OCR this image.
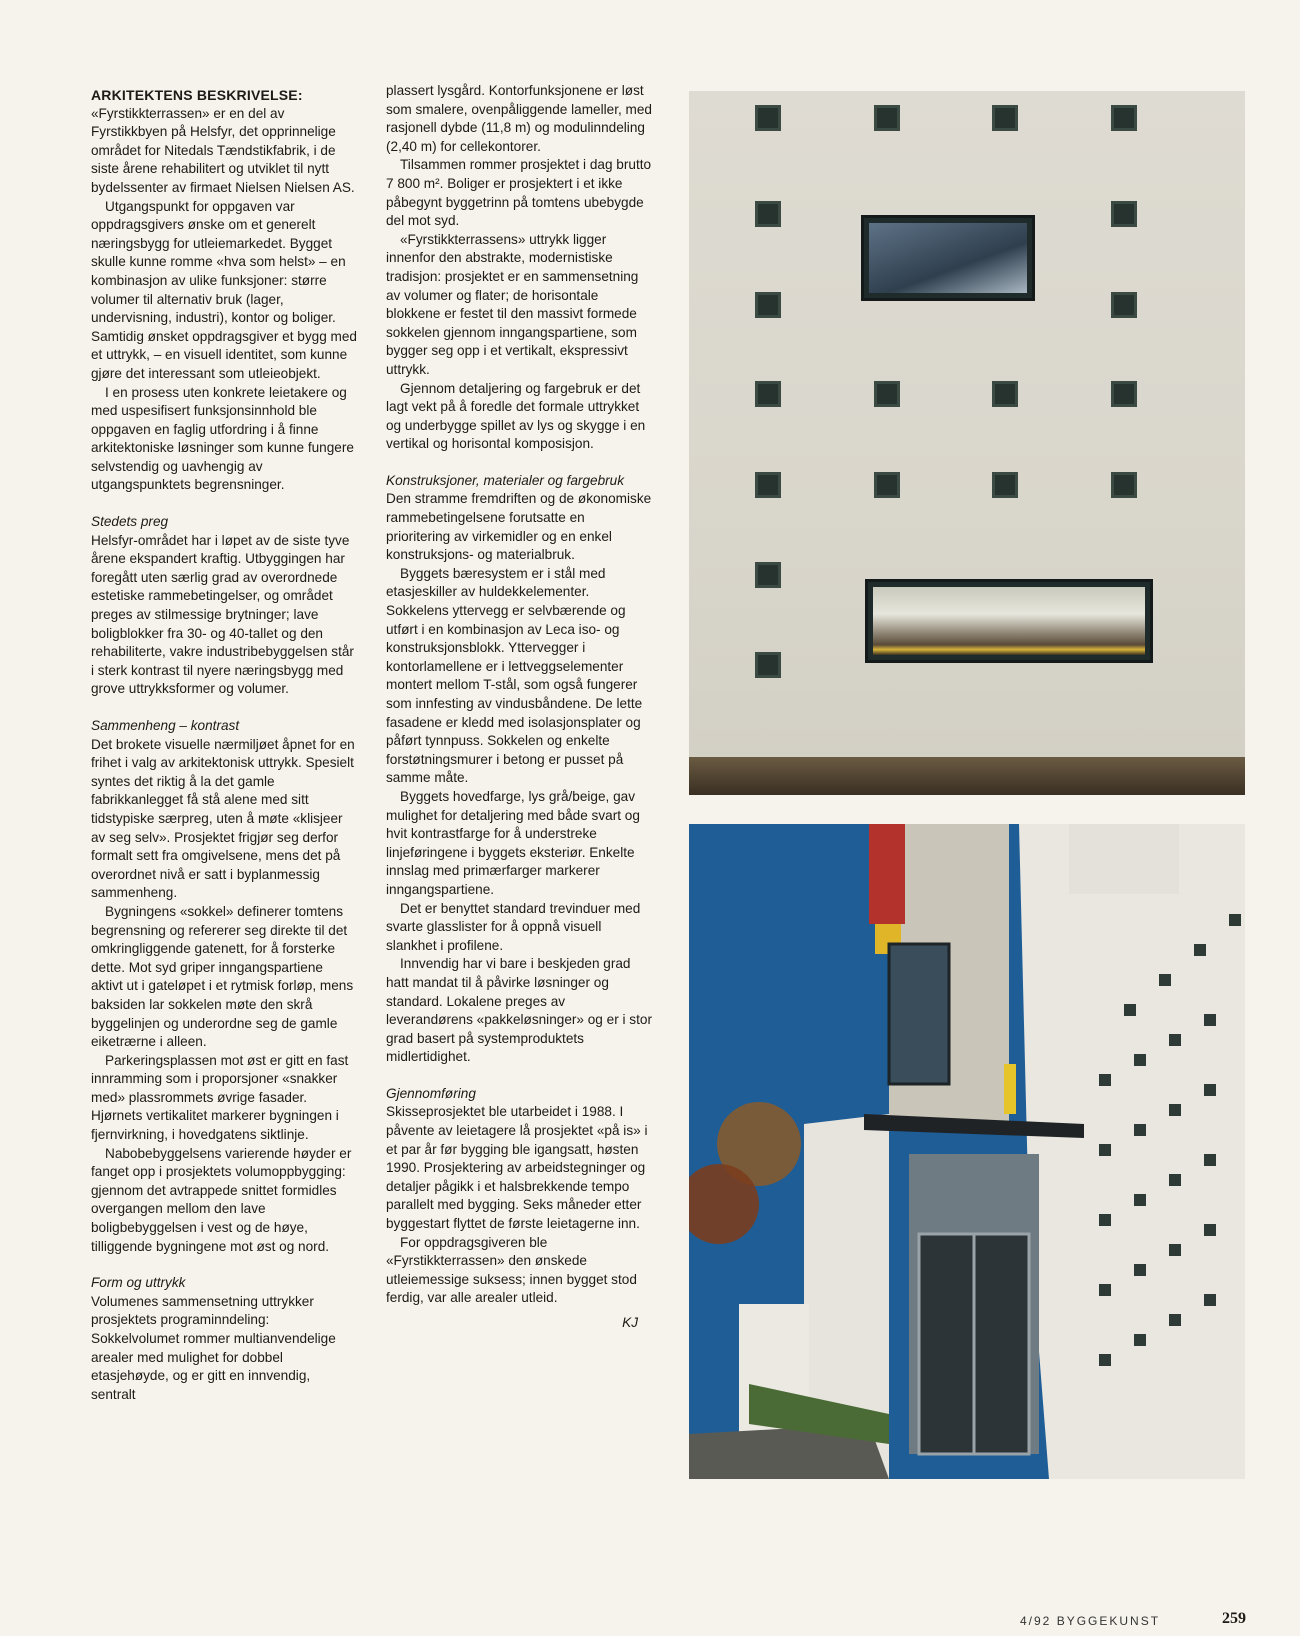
ARKITEKTENS BESKRIVELSE:

«Fyrstikkterrassen» er en del av Fyrstikkbyen på Helsfyr, det opprinnelige området for Nitedals Tændstikfabrik, i de siste årene rehabilitert og utviklet til nytt bydelssenter av firmaet Nielsen Nielsen AS.

Utgangspunkt for oppgaven var oppdragsgivers ønske om et generelt næringsbygg for utleiemarkedet. Bygget skulle kunne romme «hva som helst» – en kombinasjon av ulike funksjoner: større volumer til alternativ bruk (lager, undervisning, industri), kontor og boliger. Samtidig ønsket oppdragsgiver et bygg med et uttrykk, – en visuell identitet, som kunne gjøre det interessant som utleieobjekt.

I en prosess uten konkrete leietakere og med uspesifisert funksjonsinnhold ble oppgaven en faglig utfordring i å finne arkitektoniske løsninger som kunne fungere selvstendig og uavhengig av utgangspunktets begrensninger.

Stedets preg

Helsfyr-området har i løpet av de siste tyve årene ekspandert kraftig. Utbyggingen har foregått uten særlig grad av overordnede estetiske rammebetingelser, og området preges av stilmessige brytninger; lave boligblokker fra 30- og 40-tallet og den rehabiliterte, vakre industribebyggelsen står i sterk kontrast til nyere næringsbygg med grove uttrykksformer og volumer.

Sammenheng – kontrast

Det brokete visuelle nærmiljøet åpnet for en frihet i valg av arkitektonisk uttrykk. Spesielt syntes det riktig å la det gamle fabrikkanlegget få stå alene med sitt tidstypiske særpreg, uten å møte «klisjeer av seg selv». Prosjektet frigjør seg derfor formalt sett fra omgivelsene, mens det på overordnet nivå er satt i byplanmessig sammenheng.

Bygningens «sokkel» definerer tomtens begrensning og refererer seg direkte til det omkringliggende gatenett, for å forsterke dette. Mot syd griper inngangspartiene aktivt ut i gateløpet i et rytmisk forløp, mens baksiden lar sokkelen møte den skrå byggelinjen og underordne seg de gamle eiketrærne i alleen.

Parkeringsplassen mot øst er gitt en fast innramming som i proporsjoner «snakker med» plassrommets øvrige fasader. Hjørnets vertikalitet markerer bygningen i fjernvirkning, i hovedgatens siktlinje.

Nabobebyggelsens varierende høyder er fanget opp i prosjektets volumoppbygging: gjennom det avtrappede snittet formidles overgangen mellom den lave boligbebyggelsen i vest og de høye, tilliggende bygningene mot øst og nord.

Form og uttrykk

Volumenes sammensetning uttrykker prosjektets programinndeling: Sokkelvolumet rommer multianvendelige arealer med mulighet for dobbel etasjehøyde, og er gitt en innvendig, sentralt

plassert lysgård. Kontorfunksjonene er løst som smalere, ovenpåliggende lameller, med rasjonell dybde (11,8 m) og modulinndeling (2,40 m) for cellekontorer.

Tilsammen rommer prosjektet i dag brutto 7 800 m². Boliger er prosjektert i et ikke påbegynt byggetrinn på tomtens ubebygde del mot syd.

«Fyrstikkterrassens» uttrykk ligger innenfor den abstrakte, modernistiske tradisjon: prosjektet er en sammensetning av volumer og flater; de horisontale blokkene er festet til den massivt formede sokkelen gjennom inngangspartiene, som bygger seg opp i et vertikalt, ekspressivt uttrykk.

Gjennom detaljering og fargebruk er det lagt vekt på å foredle det formale uttrykket og underbygge spillet av lys og skygge i en vertikal og horisontal komposisjon.

Konstruksjoner, materialer og fargebruk

Den stramme fremdriften og de økonomiske rammebetingelsene forutsatte en prioritering av virkemidler og en enkel konstruksjons- og materialbruk.

Byggets bæresystem er i stål med etasjeskiller av huldekkelementer. Sokkelens yttervegg er selvbærende og utført i en kombinasjon av Leca iso- og konstruksjonsblokk. Yttervegger i kontorlamellene er i lettveggselementer montert mellom T-stål, som også fungerer som innfesting av vindusbåndene. De lette fasadene er kledd med isolasjonsplater og påført tynnpuss. Sokkelen og enkelte forstøtningsmurer i betong er pusset på samme måte.

Byggets hovedfarge, lys grå/beige, gav mulighet for detaljering med både svart og hvit kontrastfarge for å understreke linjeføringene i byggets eksteriør. Enkelte innslag med primærfarger markerer inngangspartiene.

Det er benyttet standard trevinduer med svarte glasslister for å oppnå visuell slankhet i profilene.

Innvendig har vi bare i beskjeden grad hatt mandat til å påvirke løsninger og standard. Lokalene preges av leverandørens «pakkeløsninger» og er i stor grad basert på systemproduktets midlertidighet.

Gjennomføring

Skisseprosjektet ble utarbeidet i 1988. I påvente av leietagere lå prosjektet «på is» i et par år før bygging ble igangsatt, høsten 1990. Prosjektering av arbeidstegninger og detaljer pågikk i et halsbrekkende tempo parallelt med bygging. Seks måneder etter byggestart flyttet de første leietagerne inn.

For oppdragsgiveren ble «Fyrstikkterrassen» den ønskede utleiemessige suksess; innen bygget stod ferdig, var alle arealer utleid.

KJ

4/92 BYGGEKUNST	259
